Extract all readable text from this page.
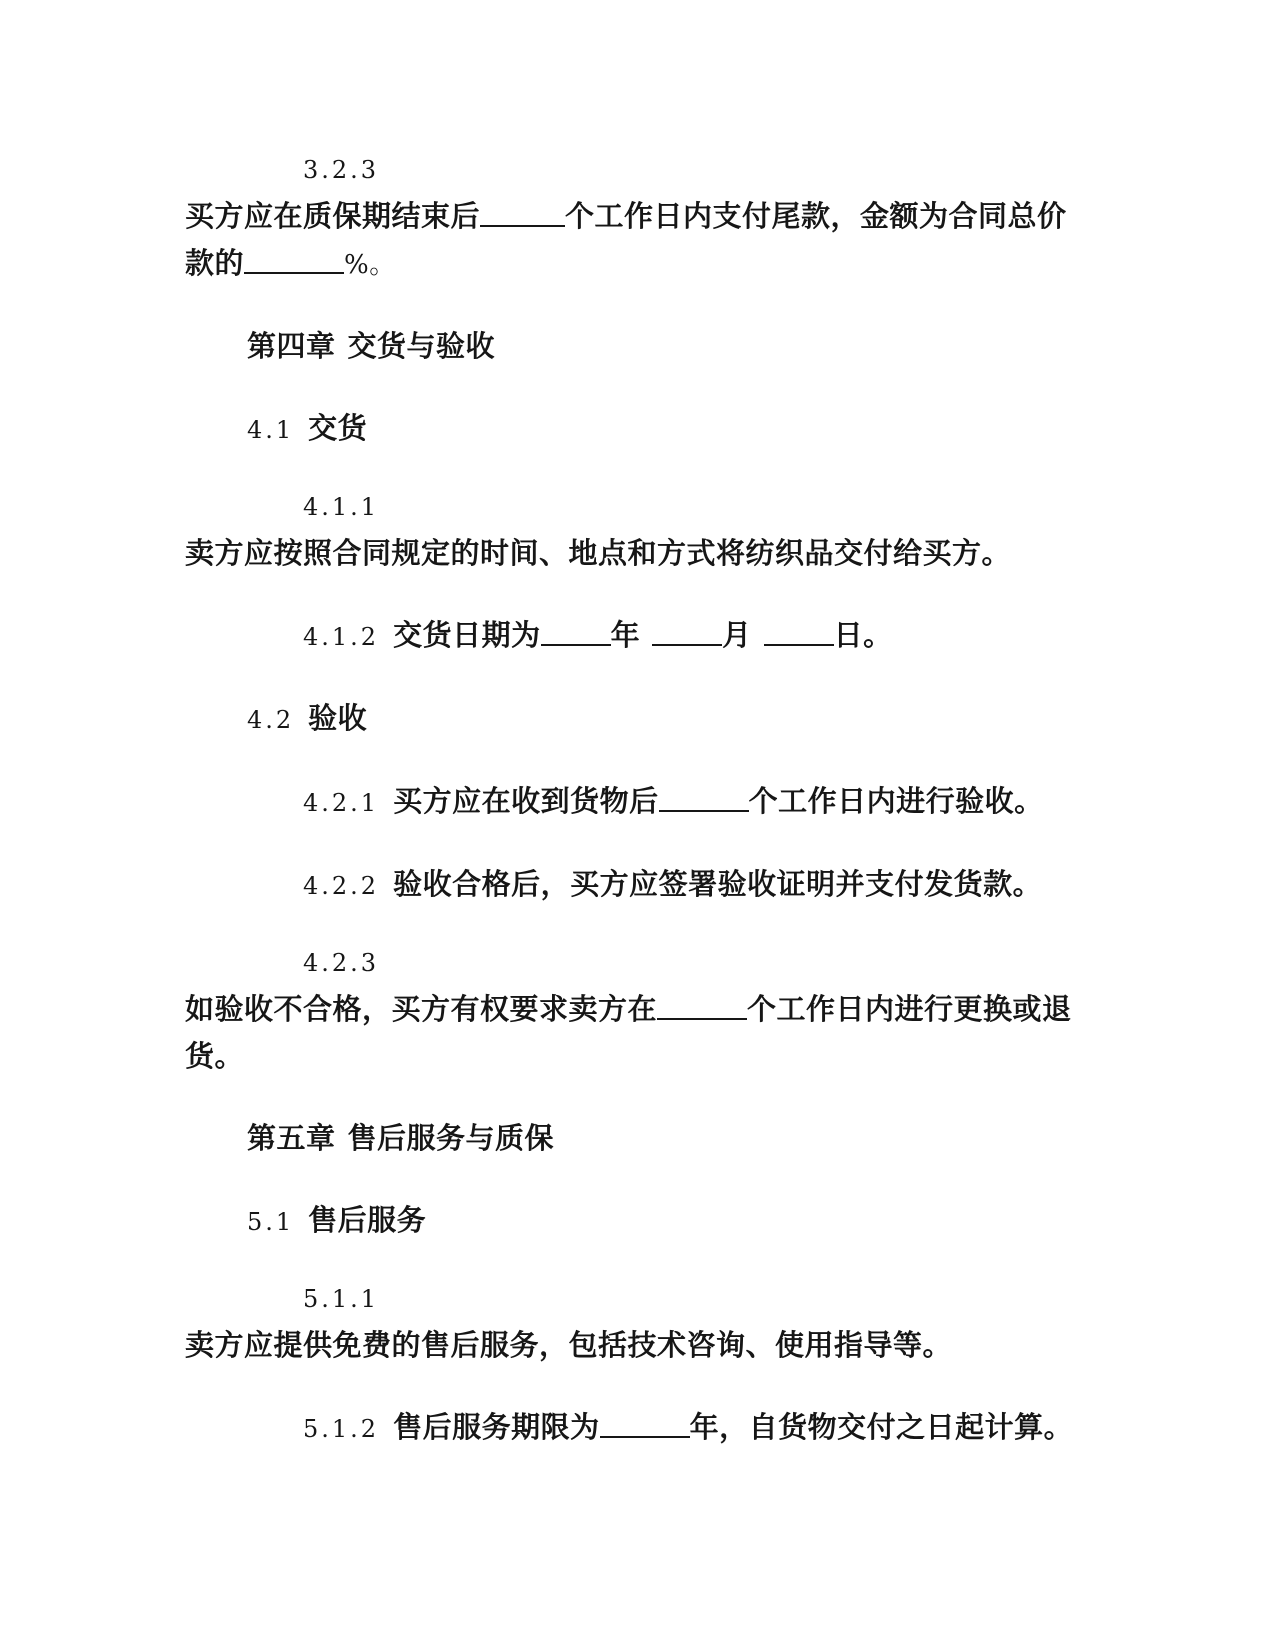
3.2.3
买方应在质保期结束后	个工作日内支付尾款，金额为合同总价
款的	%。
第四章 交货与验收
4.1 交货
4.1.1
卖方应按照合同规定的时间、地点和方式将纺织品交付给买方。
4.1.2 交货日期为 年	月	日。
4.2 验收
4.2.1 买方应在收到货物后	个工作日内进行验收。
4.2.2 验收合格后，买方应签署验收证明并支付发货款。
4.2.3
如验收不合格，买方有权要求卖方在	个工作日内进行更换或退
货。
第五章 售后服务与质保
5.1 售后服务
5.1.1
卖方应提供免费的售后服务，包括技术咨询、使用指导等。
5.1.2 售后服务期限为	年，自货物交付之日起计算。
